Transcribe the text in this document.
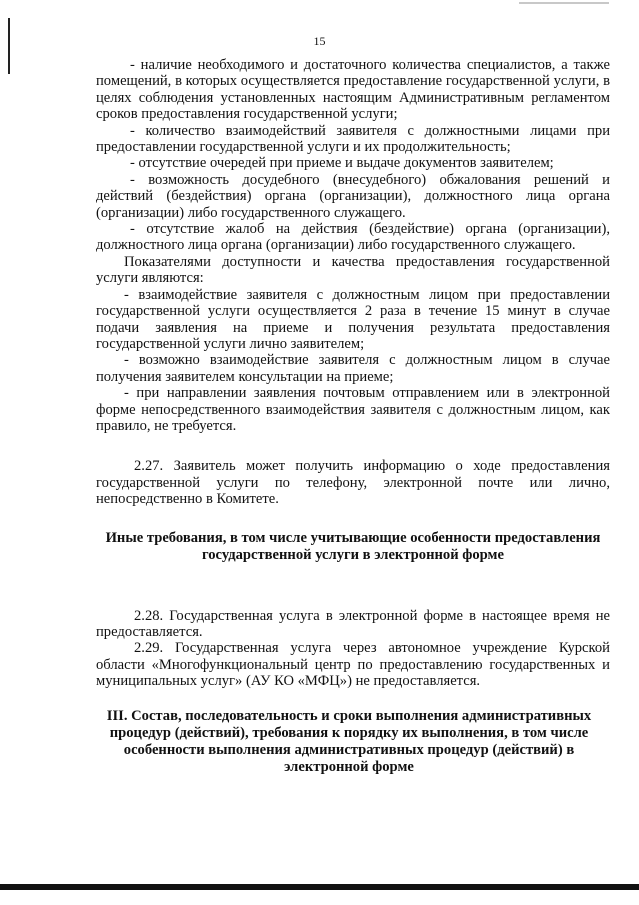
15

- наличие необходимого и достаточного количества специалистов, а также помещений, в которых осуществляется предоставление государственной услуги, в целях соблюдения установленных настоящим Административным регламентом сроков предоставления государственной услуги;

- количество взаимодействий заявителя с должностными лицами при предоставлении государственной услуги и их продолжительность;

- отсутствие очередей при приеме и выдаче документов заявителем;

- возможность досудебного (внесудебного) обжалования решений и действий (бездействия) органа (организации), должностного лица органа (организации) либо государственного служащего.

- отсутствие жалоб на действия (бездействие) органа (организации), должностного лица органа (организации) либо государственного служащего.

Показателями доступности и качества предоставления государственной услуги являются:

- взаимодействие заявителя с должностным лицом при предоставлении государственной услуги осуществляется 2 раза в течение 15 минут в случае подачи заявления на приеме и получения результата предоставления государственной услуги лично заявителем;

- возможно взаимодействие заявителя с должностным лицом в случае получения заявителем консультации на приеме;

- при направлении заявления почтовым отправлением или в электронной форме непосредственного взаимодействия заявителя с должностным лицом, как правило, не требуется.

2.27. Заявитель может получить информацию о ходе предоставления государственной услуги по телефону, электронной почте или лично, непосредственно в Комитете.

Иные требования, в том числе учитывающие особенности предоставления государственной услуги в электронной форме

2.28. Государственная услуга в электронной форме в настоящее время не предоставляется.

2.29. Государственная услуга через автономное учреждение Курской области «Многофункциональный центр по предоставлению государственных и муниципальных услуг» (АУ КО «МФЦ») не предоставляется.

III. Состав, последовательность и сроки выполнения административных процедур (действий), требования к порядку их выполнения, в том числе особенности выполнения административных процедур (действий) в электронной форме
